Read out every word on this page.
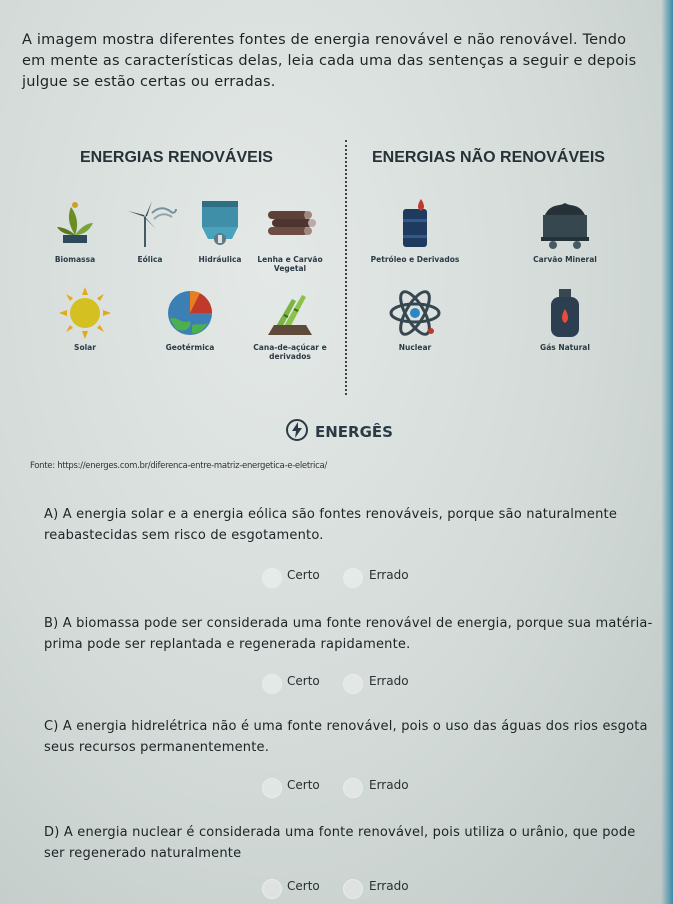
A imagem mostra diferentes fontes de energia renovável e não renovável. Tendo em mente as características delas, leia cada uma das sentenças a seguir e depois julgue se estão certas ou erradas.
ENERGIAS RENOVÁVEIS	ENERGIAS NÃO RENOVÁVEIS
Biomassa	Eólica	Hidráulica	Lenha e Carvão Vegetal
Solar	Geotérmica	Cana-de-açúcar e derivados
Petróleo e Derivados	Carvão Mineral
Nuclear	Gás Natural
ENERGÊS
Fonte: https://energes.com.br/diferenca-entre-matriz-energetica-e-eletrica/
A) A energia solar e a energia eólica são fontes renováveis, porque são naturalmente reabastecidas sem risco de esgotamento.
Certo	Errado
B) A biomassa pode ser considerada uma fonte renovável de energia, porque sua matéria-prima pode ser replantada e regenerada rapidamente.
Certo	Errado
C) A energia hidrelétrica não é uma fonte renovável, pois o uso das águas dos rios esgota seus recursos permanentemente.
Certo	Errado
D) A energia nuclear é considerada uma fonte renovável, pois utiliza o urânio, que pode ser regenerado naturalmente
Certo	Errado
